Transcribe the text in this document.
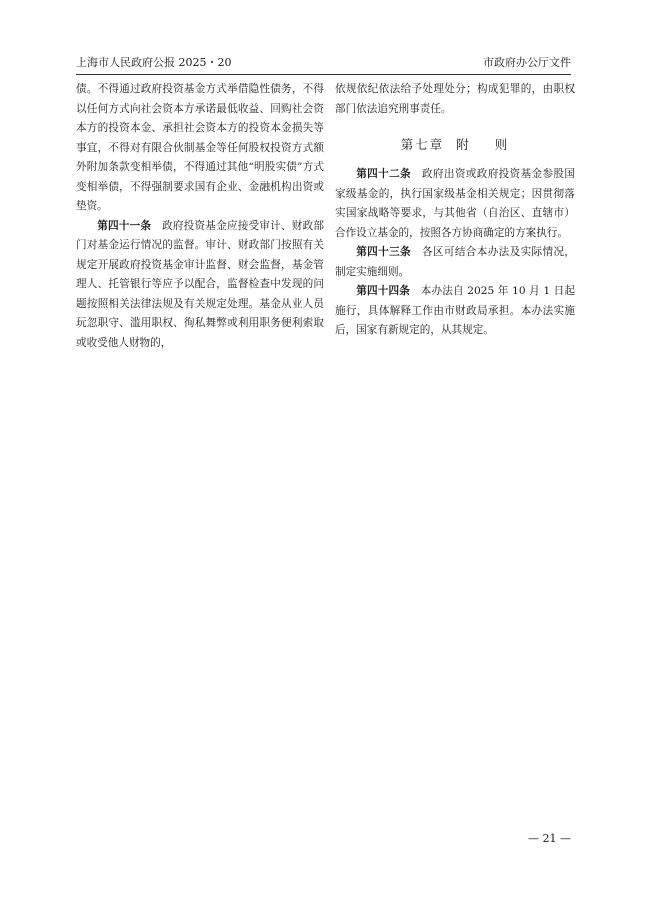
上海市人民政府公报 2025・20	市政府办公厅文件

债。不得通过政府投资基金方式举借隐性债务，不得以任何方式向社会资本方承诺最低收益、回购社会资本方的投资本金、承担社会资本方的投资本金损失等事宜，不得对有限合伙制基金等任何股权投资方式额外附加条款变相举债，不得通过其他“明股实债”方式变相举债，不得强制要求国有企业、金融机构出资或垫资。

第四十一条　 政府投资基金应接受审计、财政部门对基金运行情况的监督。审计、财政部门按照有关规定开展政府投资基金审计监督、财会监督，基金管理人、托管银行等应予以配合，监督检查中发现的问题按照相关法律法规及有关规定处理。基金从业人员玩忽职守、滥用职权、徇私舞弊或利用职务便利索取或收受他人财物的，

依规依纪依法给予处理处分；构成犯罪的，由职权部门依法追究刑事责任。

第七章 附 则

第四十二条　 政府出资或政府投资基金参股国家级基金的，执行国家级基金相关规定；因贯彻落实国家战略等要求，与其他省（自治区、直辖市）合作设立基金的，按照各方协商确定的方案执行。

第四十三条　 各区可结合本办法及实际情况，制定实施细则。

第四十四条　 本办法自 2025 年 10 月 1 日起施行，具体解释工作由市财政局承担。本办法实施后，国家有新规定的，从其规定。

— 21 —
